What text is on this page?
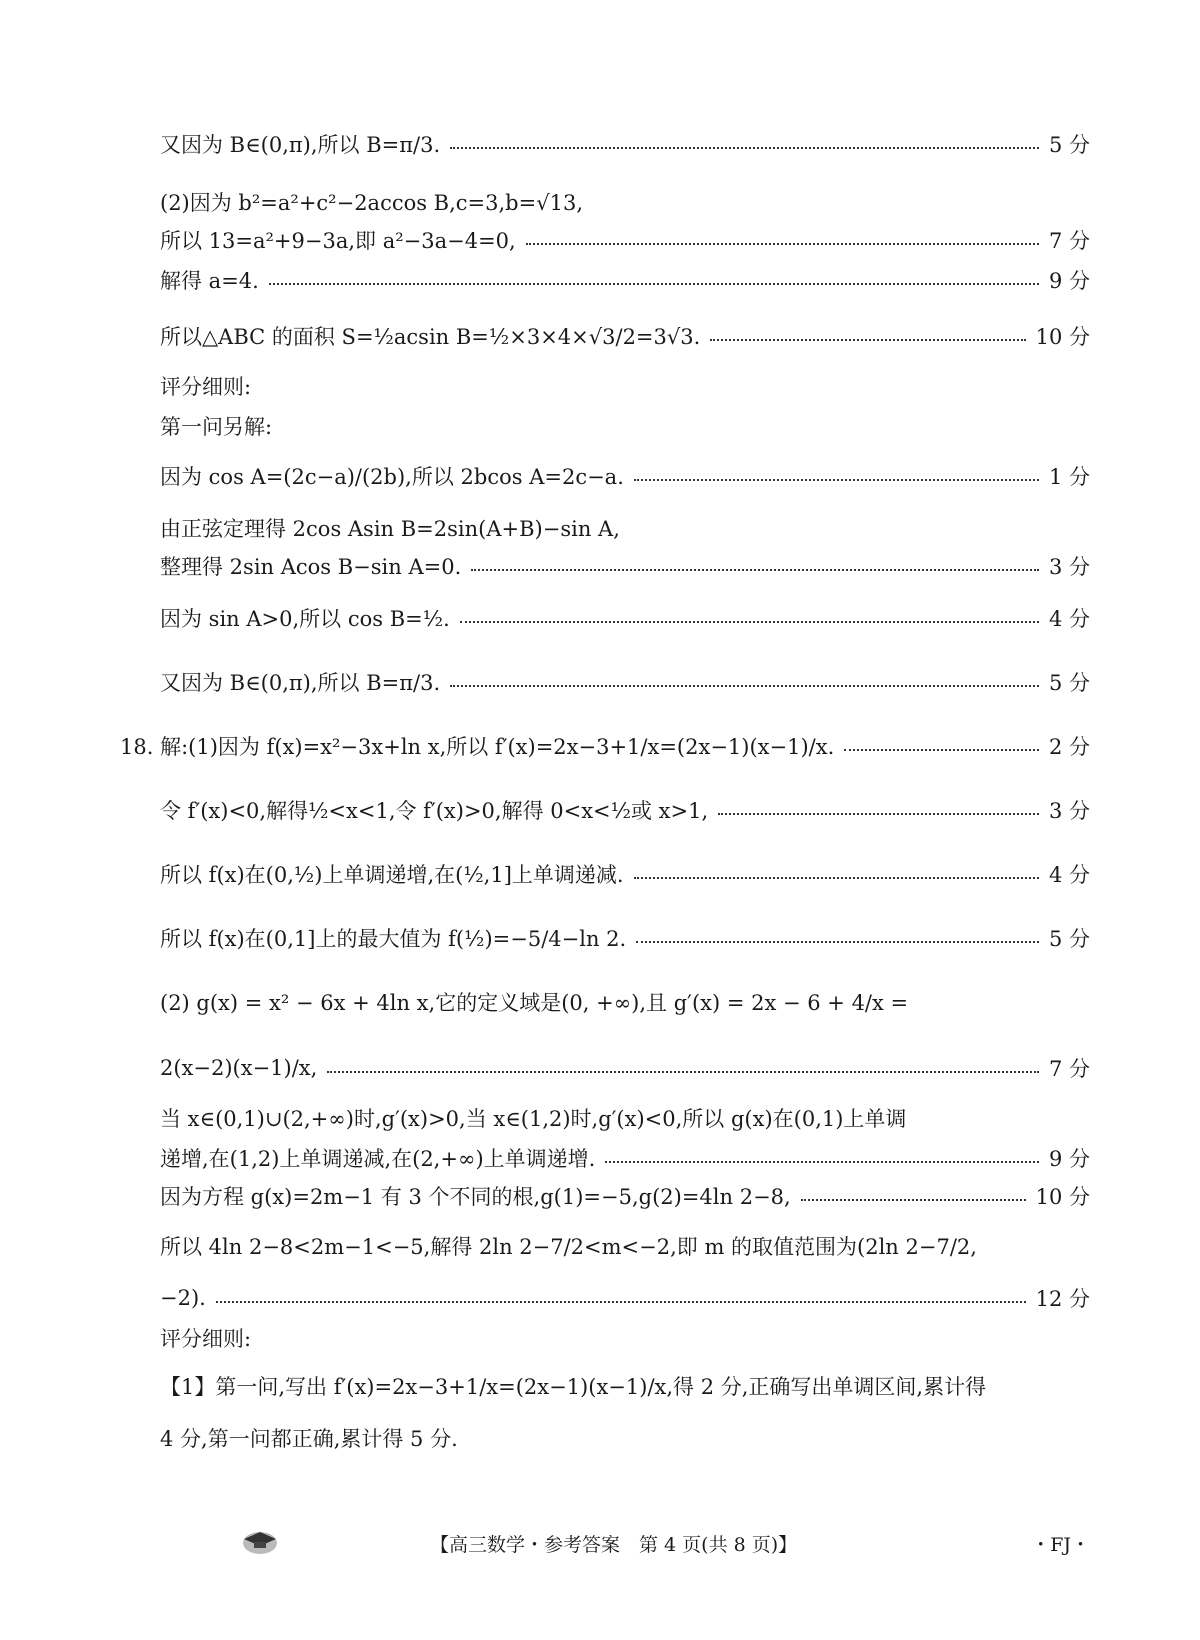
又因为 B∈(0,π),所以 B=π/3.	5 分
(2)因为 b²=a²+c²−2accos B,c=3,b=√13,
所以 13=a²+9−3a,即 a²−3a−4=0,	7 分
解得 a=4.	9 分
所以△ABC 的面积 S=½acsin B=½×3×4×√3/2=3√3.	10 分
评分细则:
第一问另解:
因为 cos A=(2c−a)/(2b),所以 2bcos A=2c−a.	1 分
由正弦定理得 2cos Asin B=2sin(A+B)−sin A,
整理得 2sin Acos B−sin A=0.	3 分
因为 sin A>0,所以 cos B=½.	4 分
又因为 B∈(0,π),所以 B=π/3.	5 分
18. 解:(1)因为 f(x)=x²−3x+ln x,所以 f′(x)=2x−3+1/x=(2x−1)(x−1)/x.	2 分
令 f′(x)<0,解得½<x<1,令 f′(x)>0,解得 0<x<½或 x>1,	3 分
所以 f(x)在(0,½)上单调递增,在(½,1]上单调递减.	4 分
所以 f(x)在(0,1]上的最大值为 f(½)=−5/4−ln 2.	5 分
(2) g(x) = x² − 6x + 4ln x,它的定义域是(0, +∞),且 g′(x) = 2x − 6 + 4/x =
2(x−2)(x−1)/x,	7 分
当 x∈(0,1)∪(2,+∞)时,g′(x)>0,当 x∈(1,2)时,g′(x)<0,所以 g(x)在(0,1)上单调
递增,在(1,2)上单调递减,在(2,+∞)上单调递增.	9 分
因为方程 g(x)=2m−1 有 3 个不同的根,g(1)=−5,g(2)=4ln 2−8,	10 分
所以 4ln 2−8<2m−1<−5,解得 2ln 2−7/2<m<−2,即 m 的取值范围为(2ln 2−7/2,
−2).	12 分
评分细则:
【1】第一问,写出 f′(x)=2x−3+1/x=(2x−1)(x−1)/x,得 2 分,正确写出单调区间,累计得
4 分,第一问都正确,累计得 5 分.
【高三数学・参考答案　第 4 页(共 8 页)】	・FJ・
